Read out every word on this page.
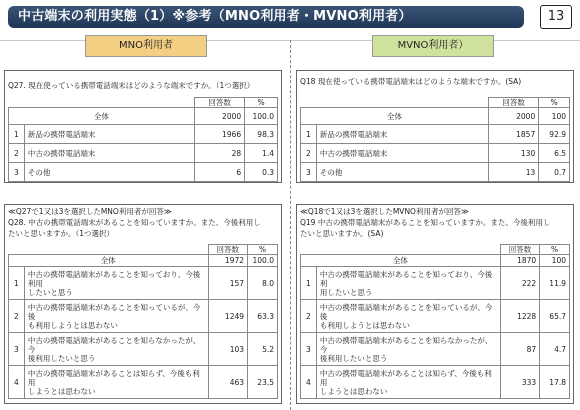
中古端末の利用実態（1）※参考（MNO利用者・MVNO利用者）	13
MNO利用者	MVNO利用者）
Q27. 現在使っている携帯電話端末はどのような端末ですか。（1つ選択）
		回答数	%
全体		2000	100.0
1	新品の携帯電話端末	1966	98.3
2	中古の携帯電話端末	28	1.4
3	その他	6	0.3
Q18 現在使っている携帯電話端末はどのような端末ですか。(SA)
		回答数	%
全体		2000	100
1	新品の携帯電話端末	1857	92.9
2	中古の携帯電話端末	130	6.5
3	その他	13	0.7
≪Q27で1又は3を選択したMNO利用者が回答≫
Q28. 中古の携帯電話端末があることを知っていますか。また、今後利用し
たいと思いますか。（1つ選択）
		回答数	%
全体		1972	100.0
1	中古の携帯電話端末があることを知っており、今後利用
したいと思う	157	8.0
2	中古の携帯電話端末があることを知っているが、今後
も利用しようとは思わない	1249	63.3
3	中古の携帯電話端末があることを知らなかったが、今
後利用したいと思う	103	5.2
4	中古の携帯電話端末があることは知らず、今後も利用
しようとは思わない	463	23.5
≪Q18で1又は3を選択したMVNO利用者が回答≫
Q19 中古の携帯電話端末があることを知っていますか。また、今後利用し
たいと思いますか。(SA)
		回答数	%
全体		1870	100
1	中古の携帯電話端末があることを知っており、今後利
用したいと思う	222	11.9
2	中古の携帯電話端末があることを知っているが、今後
も利用しようとは思わない	1228	65.7
3	中古の携帯電話端末があることを知らなかったが、今
後利用したいと思う	87	4.7
4	中古の携帯電話端末があることは知らず、今後も利用
しようとは思わない	333	17.8
